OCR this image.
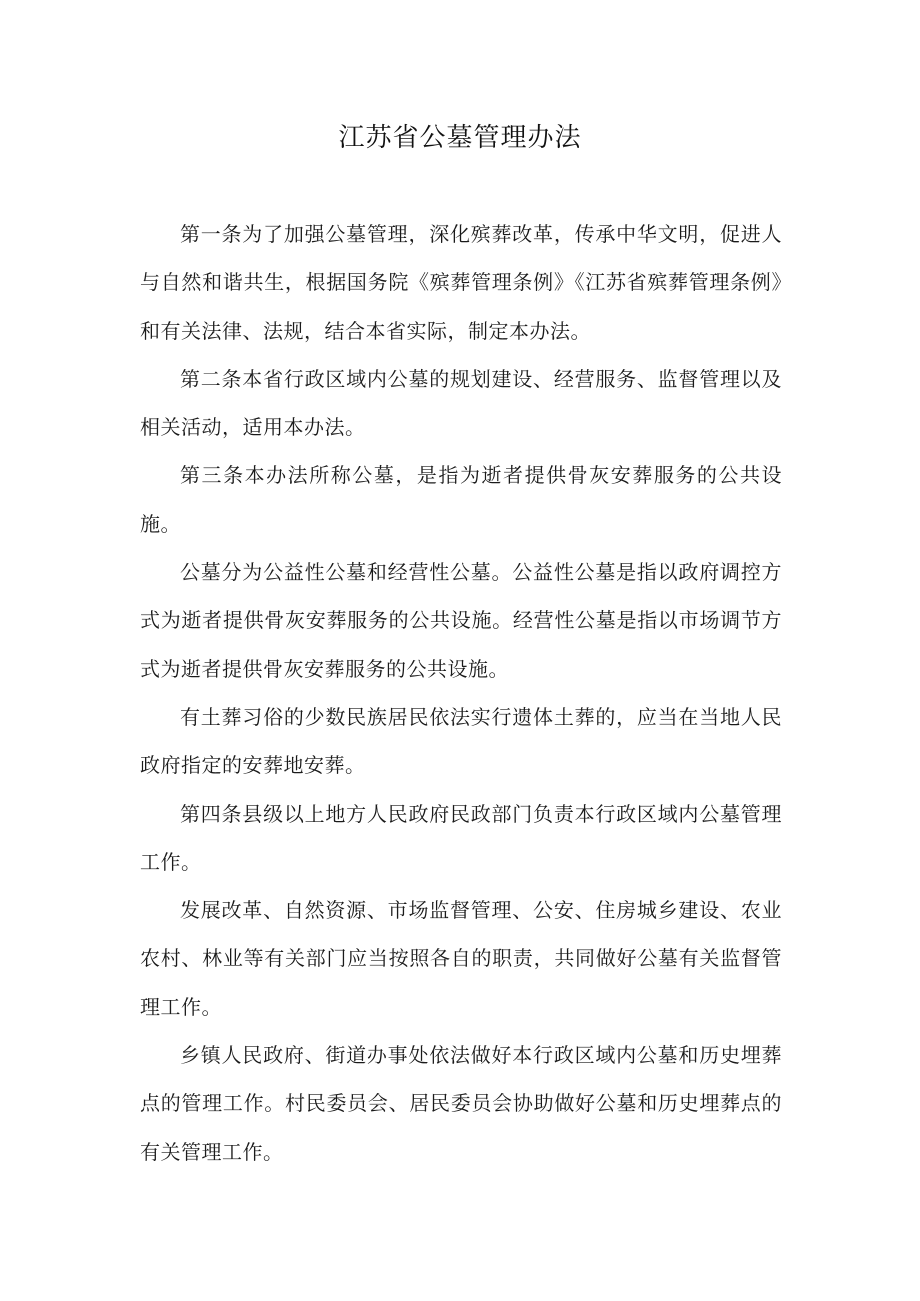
江苏省公墓管理办法

第一条为了加强公墓管理，深化殡葬改革，传承中华文明，促进人与自然和谐共生，根据国务院《殡葬管理条例》《江苏省殡葬管理条例》和有关法律、法规，结合本省实际，制定本办法。

第二条本省行政区域内公墓的规划建设、经营服务、监督管理以及相关活动，适用本办法。

第三条本办法所称公墓，是指为逝者提供骨灰安葬服务的公共设施。

公墓分为公益性公墓和经营性公墓。公益性公墓是指以政府调控方式为逝者提供骨灰安葬服务的公共设施。经营性公墓是指以市场调节方式为逝者提供骨灰安葬服务的公共设施。

有土葬习俗的少数民族居民依法实行遗体土葬的，应当在当地人民政府指定的安葬地安葬。

第四条县级以上地方人民政府民政部门负责本行政区域内公墓管理工作。

发展改革、自然资源、市场监督管理、公安、住房城乡建设、农业农村、林业等有关部门应当按照各自的职责，共同做好公墓有关监督管理工作。

乡镇人民政府、街道办事处依法做好本行政区域内公墓和历史埋葬点的管理工作。村民委员会、居民委员会协助做好公墓和历史埋葬点的有关管理工作。
